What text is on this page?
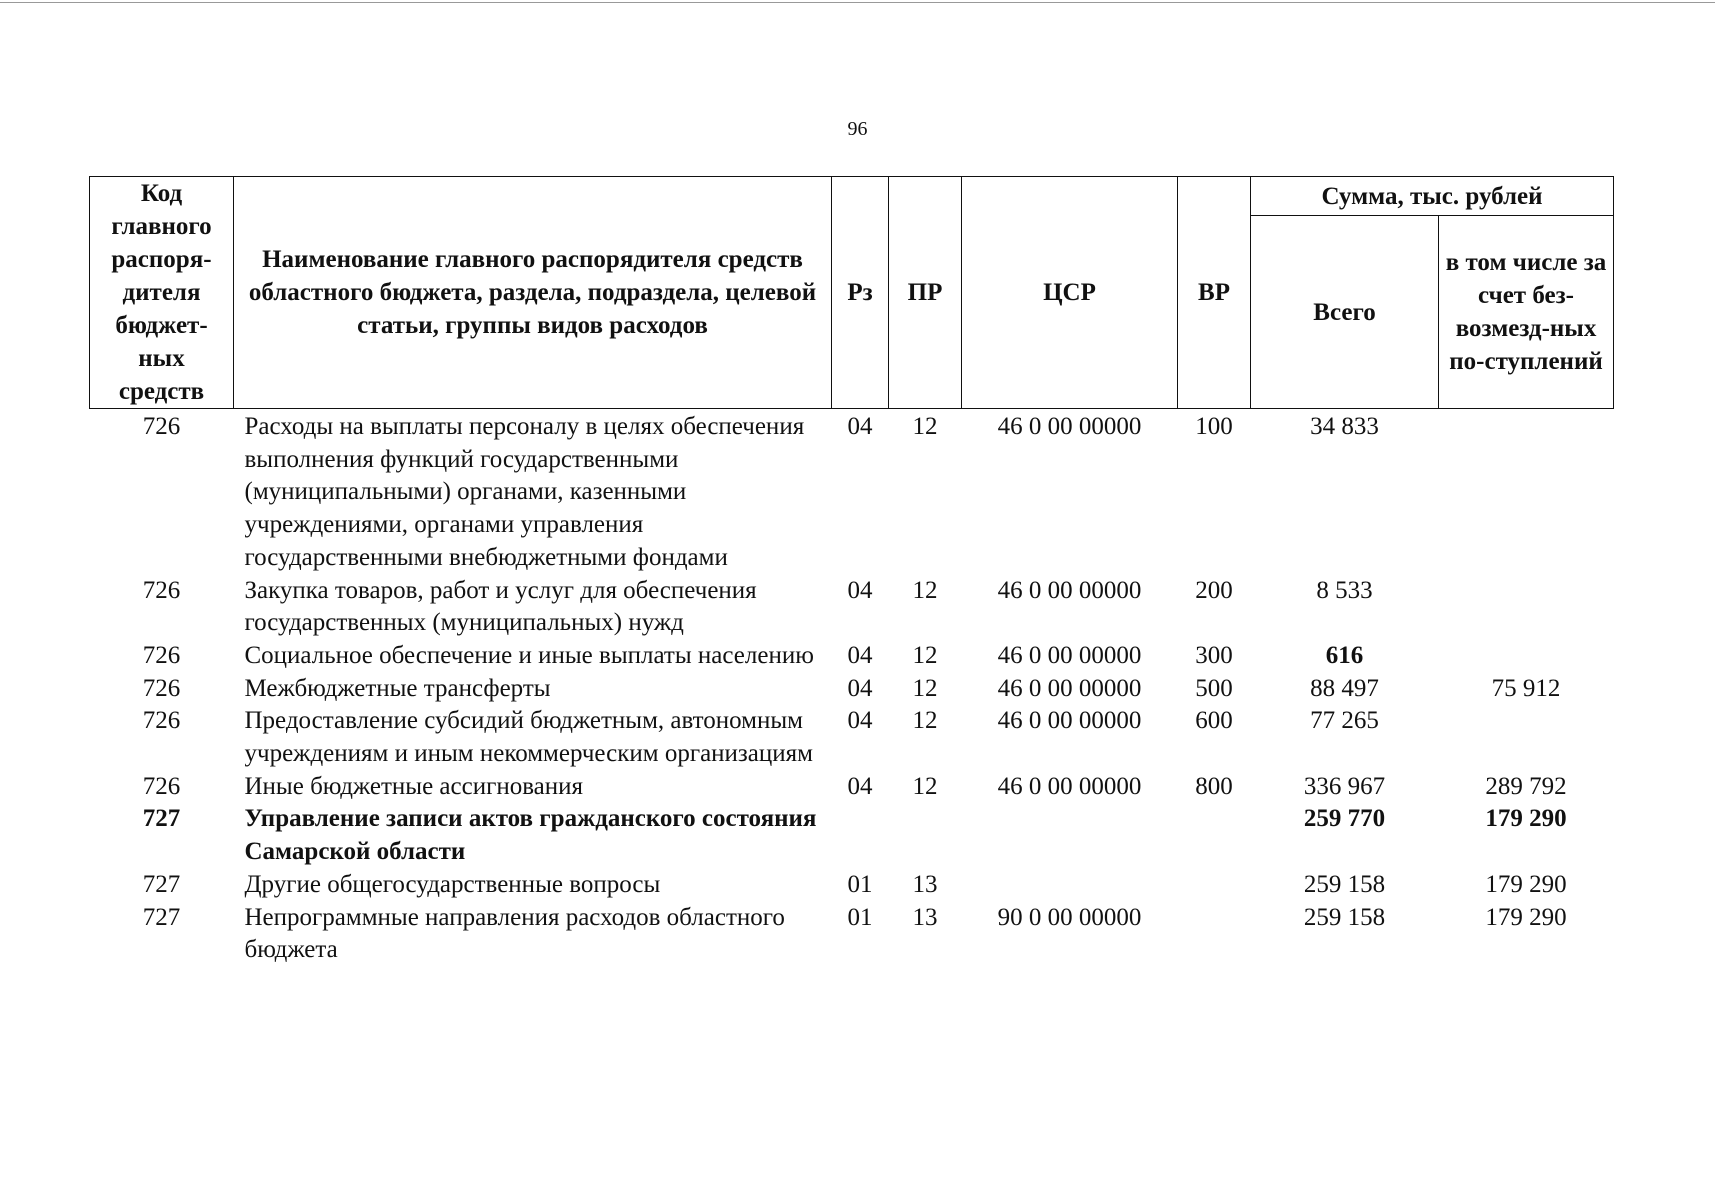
96
Код главного распоря-дителя бюджет-ных средств	Наименование главного распорядителя средств областного бюджета, раздела, подраздела, целевой статьи, группы видов расходов	Рз	ПР	ЦСР	ВР	Сумма, тыс. рублей	
						Всего	в том числе за счет без-возмезд-ных по-ступлений
726	Расходы на выплаты персоналу в целях обеспечения выполнения функций государственными (муниципальными) органами, казенными учреждениями, органами управления государственными внебюджетными фондами	04	12	46 0 00 00000	100	34 833	
726	Закупка товаров, работ и услуг для обеспечения государственных (муниципальных) нужд	04	12	46 0 00 00000	200	8 533	
726	Социальное обеспечение и иные выплаты населению	04	12	46 0 00 00000	300	616	
726	Межбюджетные трансферты	04	12	46 0 00 00000	500	88 497	75 912
726	Предоставление субсидий бюджетным, автономным учреждениям и иным некоммерческим организациям	04	12	46 0 00 00000	600	77 265	
726	Иные бюджетные ассигнования	04	12	46 0 00 00000	800	336 967	289 792
727	Управление записи актов гражданского состояния Самарской области					259 770	179 290
727	Другие общегосударственные вопросы	01	13			259 158	179 290
727	Непрограммные направления расходов областного бюджета	01	13	90 0 00 00000		259 158	179 290
